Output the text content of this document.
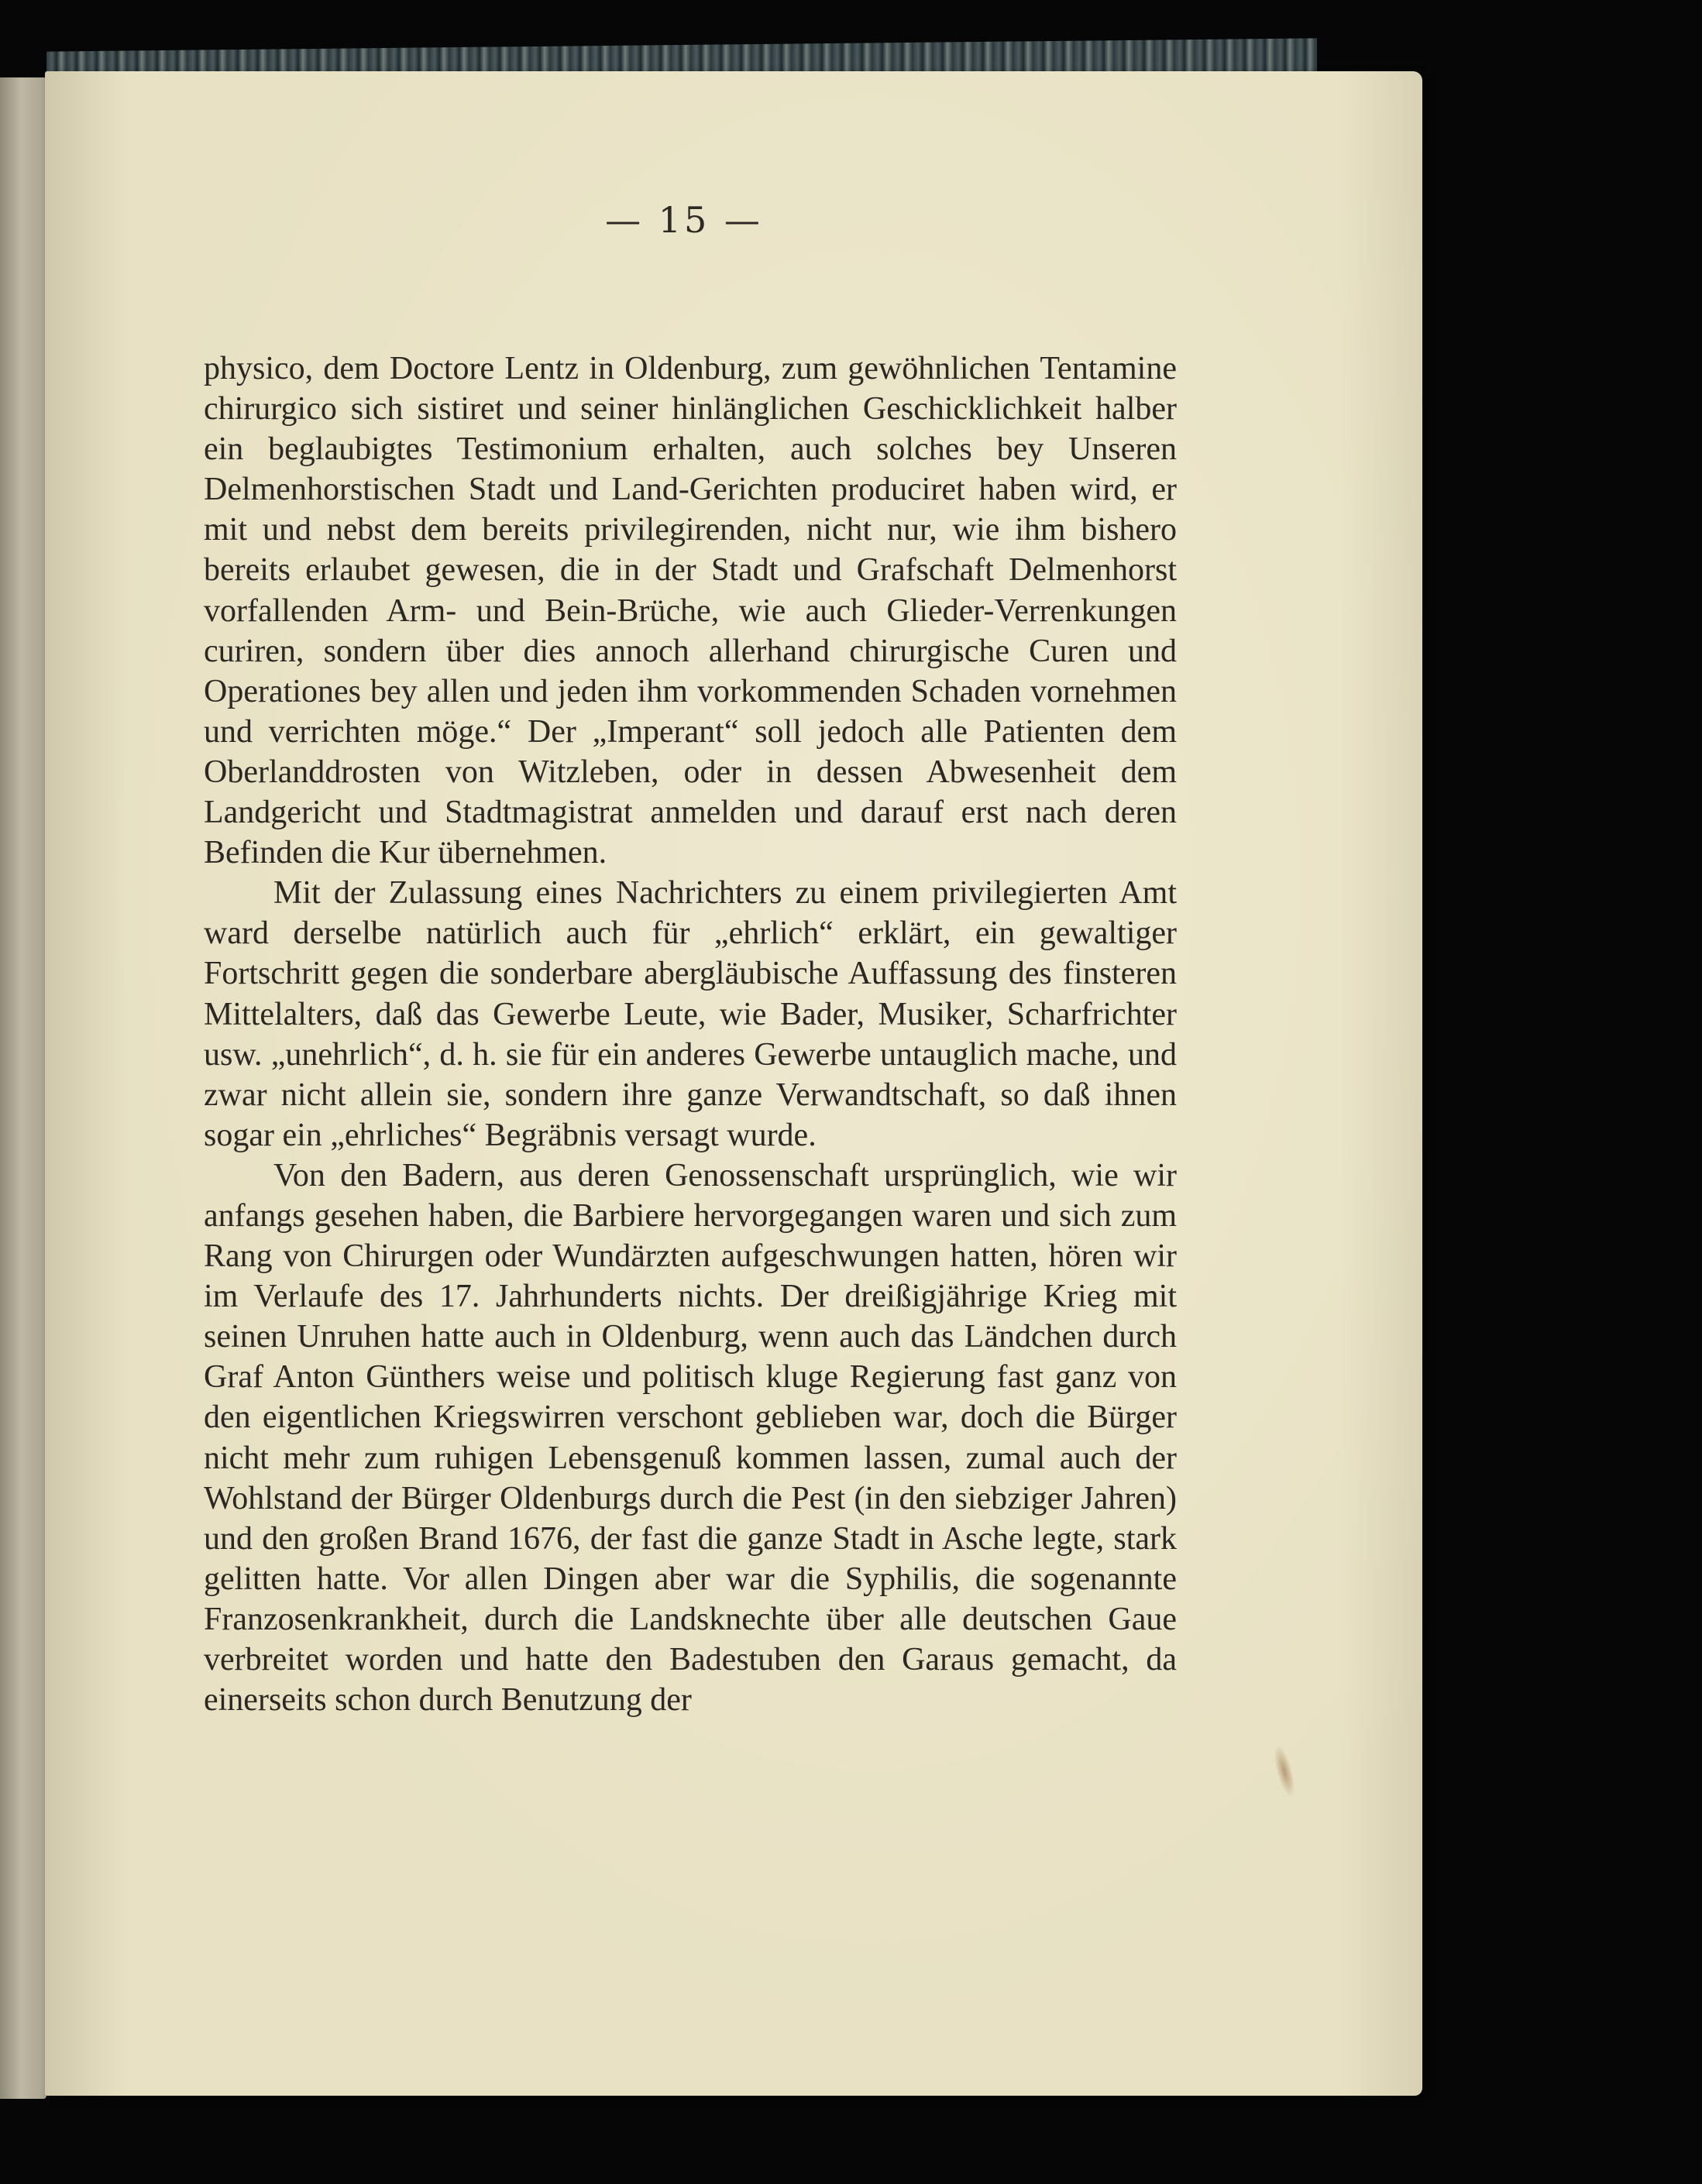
— 15 —

physico, dem Doctore Lentz in Oldenburg, zum gewöhnlichen Tentamine chirurgico sich sistiret und seiner hinlänglichen Geschicklichkeit halber ein beglaubigtes Testimonium erhalten, auch solches bey Unseren Delmenhorstischen Stadt und Land-Gerichten produciret haben wird, er mit und nebst dem bereits privilegirenden, nicht nur, wie ihm bishero bereits erlaubet gewesen, die in der Stadt und Grafschaft Delmenhorst vorfallenden Arm- und Bein-Brüche, wie auch Glieder-Verrenkungen curiren, sondern über dies annoch allerhand chirurgische Curen und Operationes bey allen und jeden ihm vorkommenden Schaden vornehmen und verrichten möge.“ Der „Imperant“ soll jedoch alle Patienten dem Oberlanddrosten von Witzleben, oder in dessen Abwesenheit dem Landgericht und Stadtmagistrat anmelden und darauf erst nach deren Befinden die Kur übernehmen.

Mit der Zulassung eines Nachrichters zu einem privilegierten Amt ward derselbe natürlich auch für „ehrlich“ erklärt, ein gewaltiger Fortschritt gegen die sonderbare abergläubische Auffassung des finsteren Mittelalters, daß das Gewerbe Leute, wie Bader, Musiker, Scharfrichter usw. „unehrlich“, d. h. sie für ein anderes Gewerbe untauglich mache, und zwar nicht allein sie, sondern ihre ganze Verwandtschaft, so daß ihnen sogar ein „ehrliches“ Begräbnis versagt wurde.

Von den Badern, aus deren Genossenschaft ursprünglich, wie wir anfangs gesehen haben, die Barbiere hervorgegangen waren und sich zum Rang von Chirurgen oder Wundärzten aufgeschwungen hatten, hören wir im Verlaufe des 17. Jahrhunderts nichts. Der dreißigjährige Krieg mit seinen Unruhen hatte auch in Oldenburg, wenn auch das Ländchen durch Graf Anton Günthers weise und politisch kluge Regierung fast ganz von den eigentlichen Kriegswirren verschont geblieben war, doch die Bürger nicht mehr zum ruhigen Lebensgenuß kommen lassen, zumal auch der Wohlstand der Bürger Oldenburgs durch die Pest (in den siebziger Jahren) und den großen Brand 1676, der fast die ganze Stadt in Asche legte, stark gelitten hatte. Vor allen Dingen aber war die Syphilis, die sogenannte Franzosenkrankheit, durch die Landsknechte über alle deutschen Gaue verbreitet worden und hatte den Badestuben den Garaus gemacht, da einerseits schon durch Benutzung der
